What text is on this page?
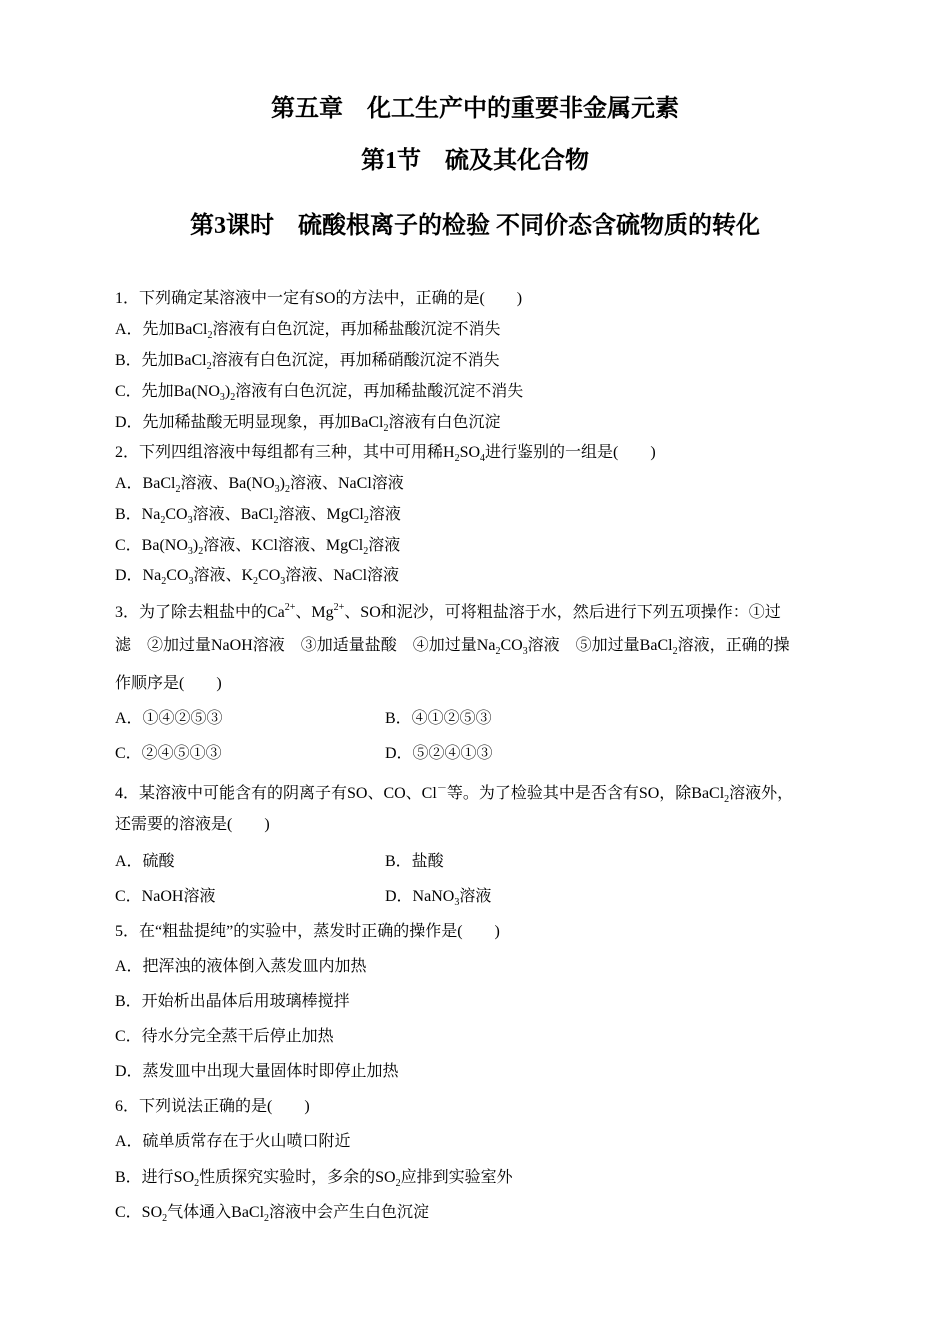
第五章　化工生产中的重要非金属元素
第1节　硫及其化合物
第3课时　硫酸根离子的检验 不同价态含硫物质的转化
1．下列确定某溶液中一定有SO的方法中，正确的是(　　)
A．先加BaCl$_2$溶液有白色沉淀，再加稀盐酸沉淀不消失
B．先加BaCl$_2$溶液有白色沉淀，再加稀硝酸沉淀不消失
C．先加$Ba(NO_3)_2$溶液有白色沉淀，再加稀盐酸沉淀不消失
D．先加稀盐酸无明显现象，再加BaCl$_2$溶液有白色沉淀
2．下列四组溶液中每组都有三种，其中可用稀$H_2SO_4$进行鉴别的一组是(　　)
A．BaCl$_2$溶液、$Ba(NO_3)_2$溶液、NaCl溶液
B．$Na_2CO_3$溶液、BaCl$_2$溶液、MgCl$_2$溶液
C．$Ba(NO_3)_2$溶液、KCl溶液、MgCl$_2$溶液
D．$Na_2CO_3$溶液、$K_2CO_3$溶液、NaCl溶液
3．为了除去粗盐中的$Ca^{2+}$、$Mg^{2+}$、SO和泥沙，可将粗盐溶于水，然后进行下列五项操作：①过
滤　②加过量NaOH溶液　③加适量盐酸　④加过量$Na_2CO_3$溶液　⑤加过量BaCl$_2$溶液，正确的操
作顺序是(　　)
A．①④②⑤③	B．④①②⑤③
C．②④⑤①③	D．⑤②④①③
4．某溶液中可能含有的阴离子有SO、CO、Cl－等。为了检验其中是否含有SO，除BaCl$_2$溶液外，
还需要的溶液是(　　)
A．硫酸	B．盐酸
C．NaOH溶液	D．NaNO$_3$溶液
5．在“粗盐提纯”的实验中，蒸发时正确的操作是(　　)
A．把浑浊的液体倒入蒸发皿内加热
B．开始析出晶体后用玻璃棒搅拌
C．待水分完全蒸干后停止加热
D．蒸发皿中出现大量固体时即停止加热
6．下列说法正确的是(　　)
A．硫单质常存在于火山喷口附近
B．进行$SO_2$性质探究实验时，多余的$SO_2$应排到实验室外
C．$SO_2$气体通入BaCl$_2$溶液中会产生白色沉淀
